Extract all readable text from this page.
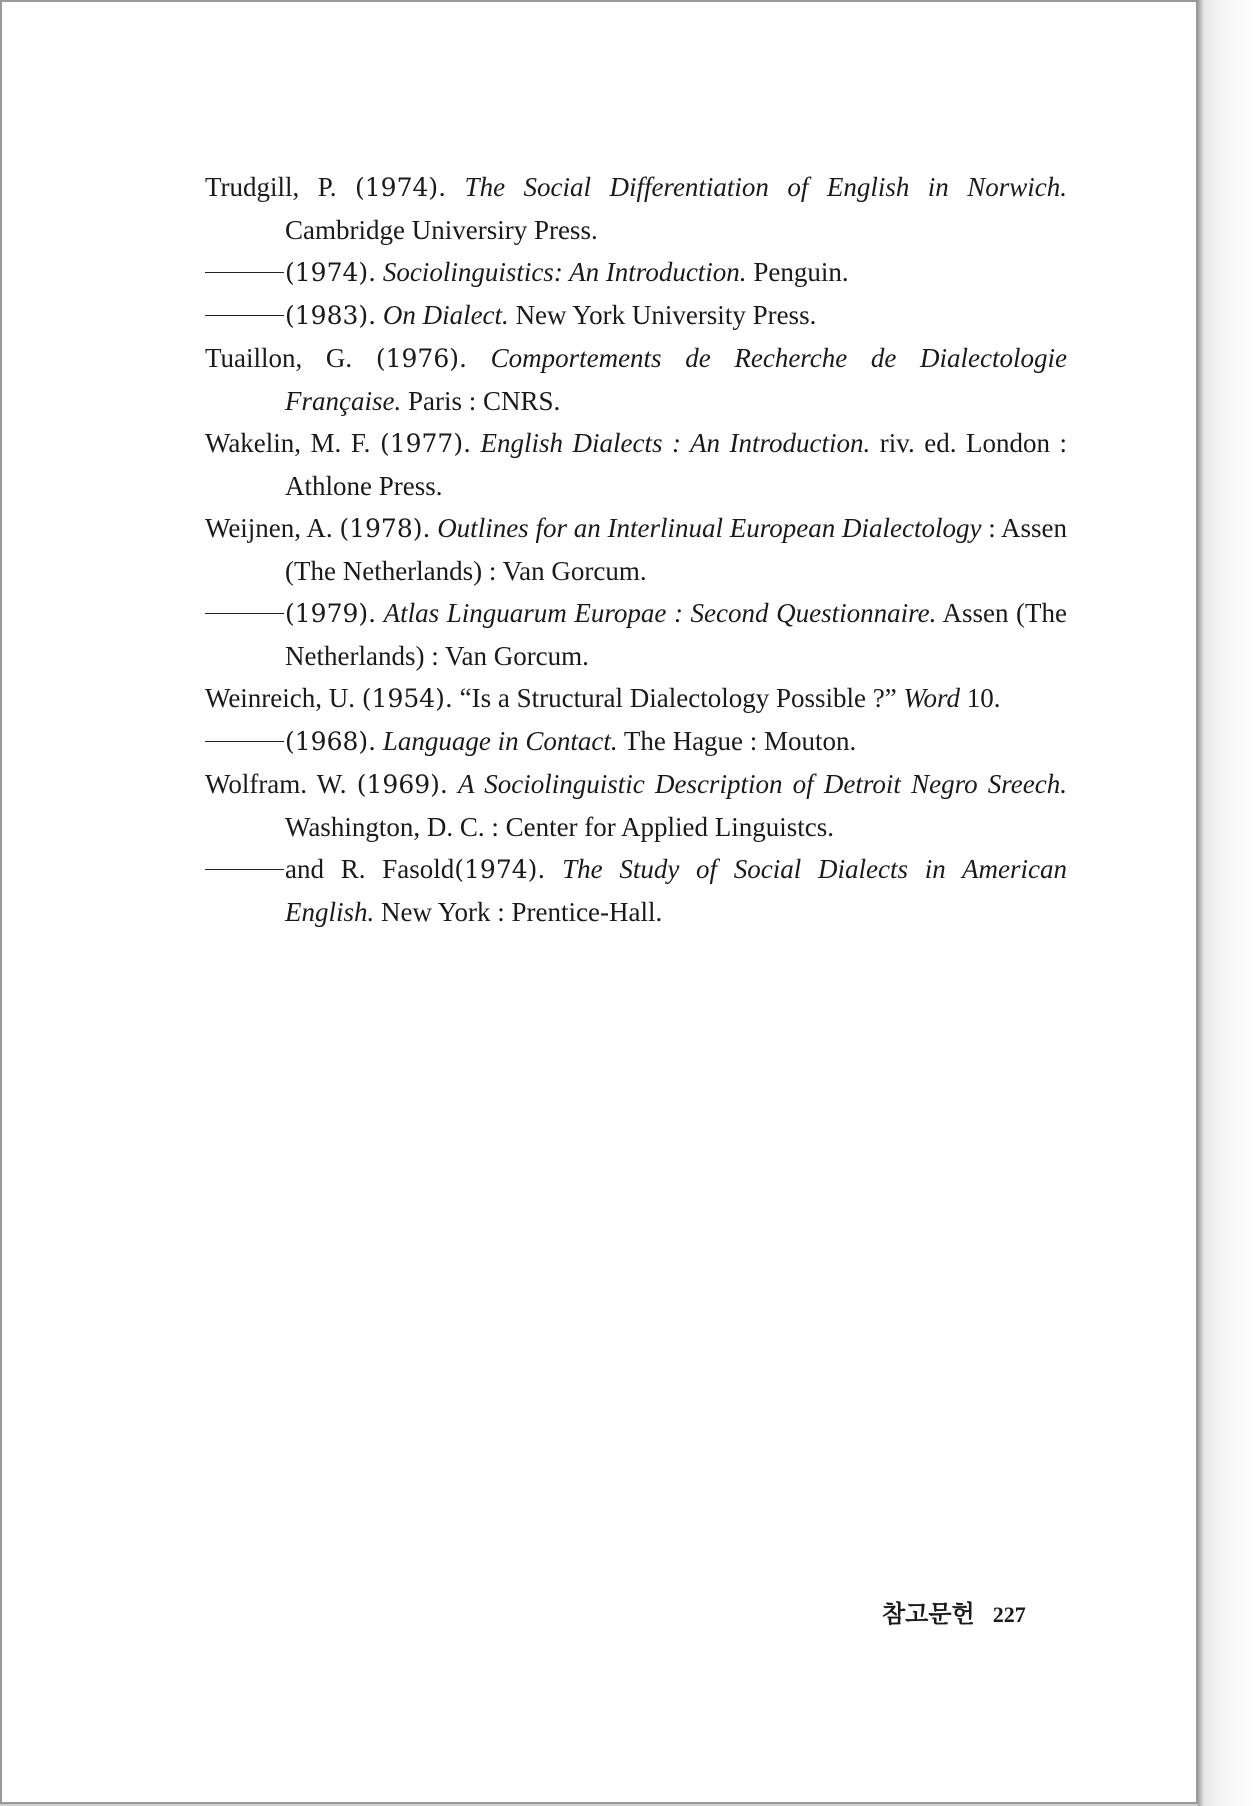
Trudgill, P. (1974). The Social Differentiation of English in Norwich. Cambridge Universiry Press.

(1974). Sociolinguistics: An Introduction. Penguin.

(1983). On Dialect. New York University Press.

Tuaillon, G. (1976). Comportements de Recherche de Dialectologie Française. Paris : CNRS.

Wakelin, M. F. (1977). English Dialects : An Introduction. riv. ed. London : Athlone Press.

Weijnen, A. (1978). Outlines for an Interlinual European Dialectology : Assen (The Netherlands) : Van Gorcum.

(1979). Atlas Linguarum Europae : Second Questionnaire. Assen (The Netherlands) : Van Gorcum.

Weinreich, U. (1954). “Is a Structural Dialectology Possible ?” Word 10.

(1968). Language in Contact. The Hague : Mouton.

Wolfram. W. (1969). A Sociolinguistic Description of Detroit Negro Sreech. Washington, D. C. : Center for Applied Linguistcs.

and R. Fasold(1974). The Study of Social Dialects in American English. New York : Prentice-Hall.

참고문헌 227
